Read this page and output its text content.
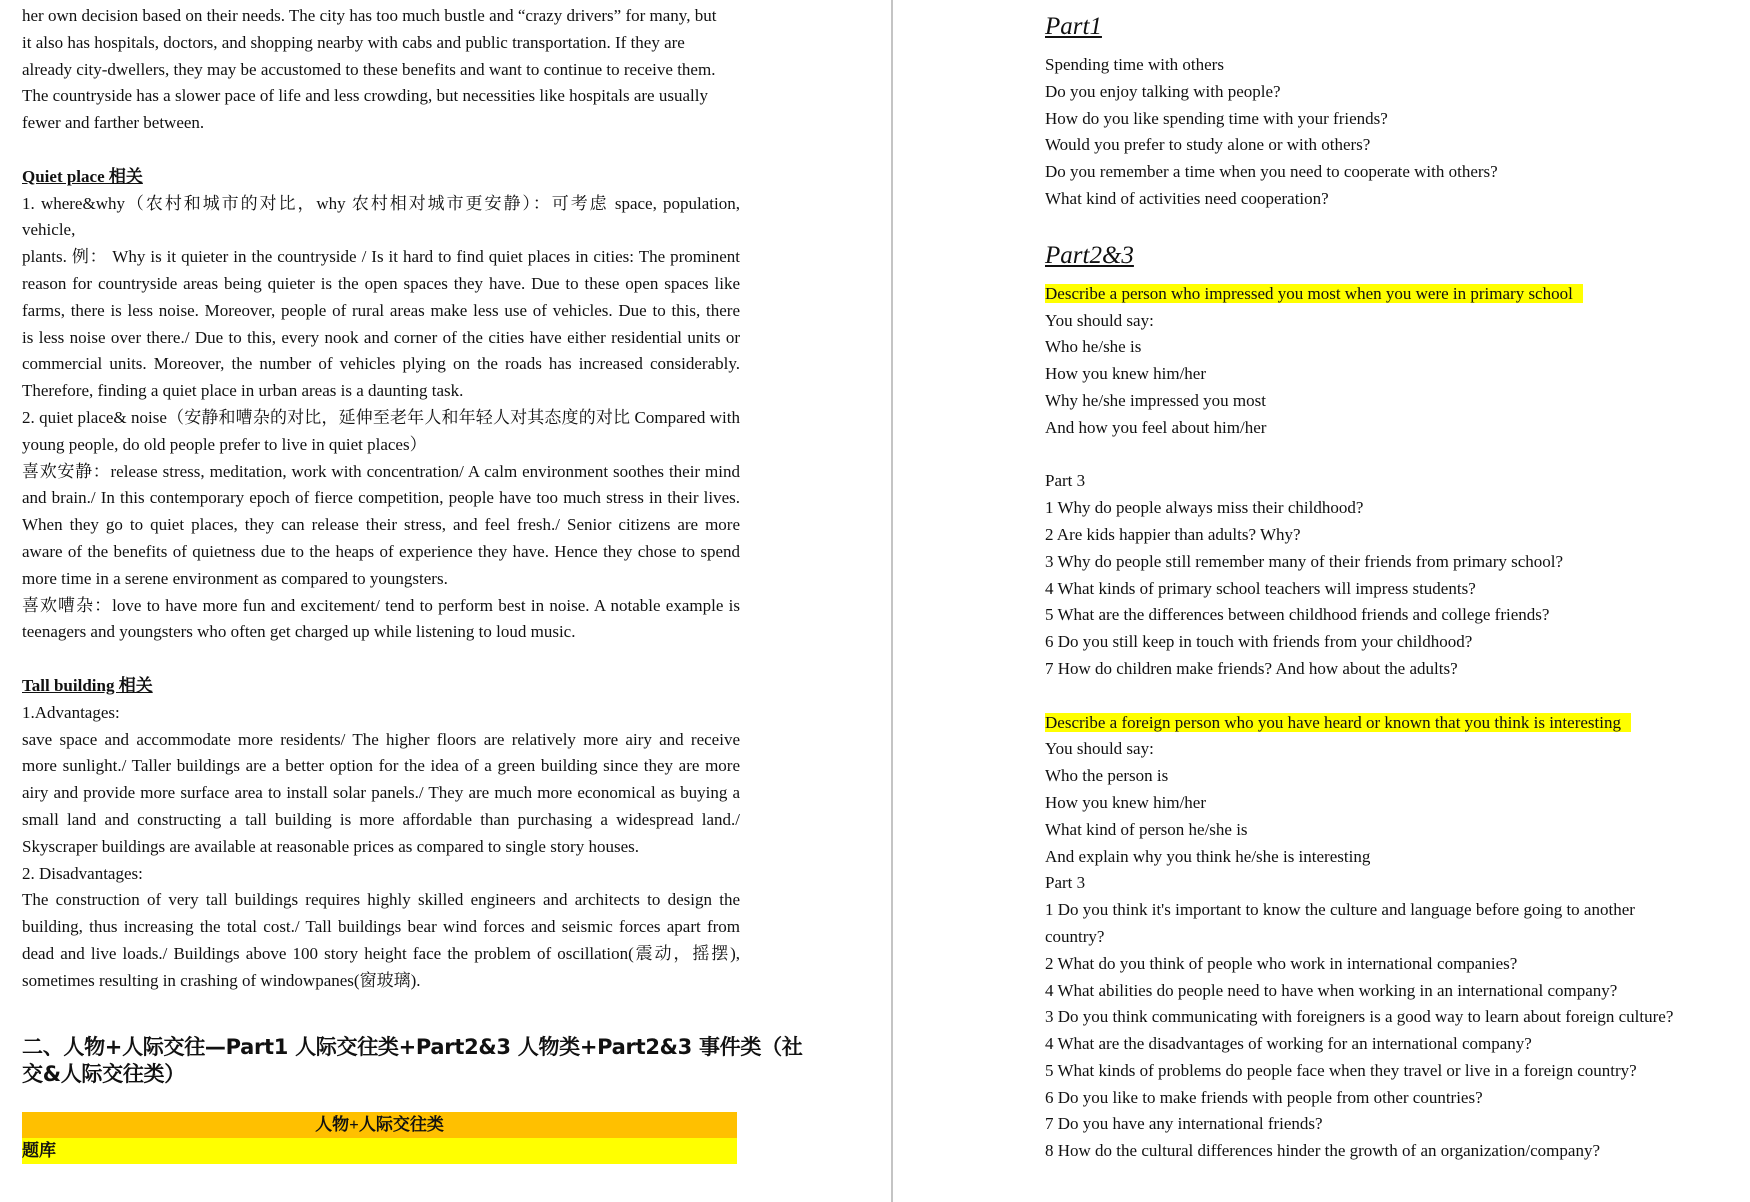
her own decision based on their needs. The city has too much bustle and “crazy drivers” for many, but
it also has hospitals, doctors, and shopping nearby with cabs and public transportation. If they are
already city-dwellers, they may be accustomed to these benefits and want to continue to receive them.
The countryside has a slower pace of life and less crowding, but necessities like hospitals are usually
fewer and farther between.
Quiet place 相关
1. where&why（农村和城市的对比，why 农村相对城市更安静）：可考虑 space, population, vehicle,
plants. 例： Why is it quieter in the countryside / Is it hard to find quiet places in cities: The prominent
reason for countryside areas being quieter is the open spaces they have. Due to these open spaces like
farms, there is less noise. Moreover, people of rural areas make less use of vehicles. Due to this, there
is less noise over there./ Due to this, every nook and corner of the cities have either residential units or
commercial units. Moreover, the number of vehicles plying on the roads has increased considerably.
Therefore, finding a quiet place in urban areas is a daunting task.
2. quiet place& noise（安静和嘈杂的对比，延伸至老年人和年轻人对其态度的对比 Compared with
young people, do old people prefer to live in quiet places）
喜欢安静：release stress, meditation, work with concentration/ A calm environment soothes their mind
and brain./ In this contemporary epoch of fierce competition, people have too much stress in their lives.
When they go to quiet places, they can release their stress, and feel fresh./ Senior citizens are more
aware of the benefits of quietness due to the heaps of experience they have. Hence they chose to spend
more time in a serene environment as compared to youngsters.
喜欢嘈杂：love to have more fun and excitement/ tend to perform best in noise. A notable example is
teenagers and youngsters who often get charged up while listening to loud music.
Tall building 相关
1.Advantages:
save space and accommodate more residents/ The higher floors are relatively more airy and receive
more sunlight./ Taller buildings are a better option for the idea of a green building since they are more
airy and provide more surface area to install solar panels./ They are much more economical as buying a
small land and constructing a tall building is more affordable than purchasing a widespread land./
Skyscraper buildings are available at reasonable prices as compared to single story houses.
2. Disadvantages:
The construction of very tall buildings requires highly skilled engineers and architects to design the
building, thus increasing the total cost./ Tall buildings bear wind forces and seismic forces apart from
dead and live loads./ Buildings above 100 story height face the problem of oscillation(震动，摇摆),
sometimes resulting in crashing of windowpanes(窗玻璃).
二、人物+人际交往—Part1 人际交往类+Part2&3 人物类+Part2&3 事件类（社
交&人际交往类）
人物+人际交往类
题库
Part1
Spending time with others
Do you enjoy talking with people?
How do you like spending time with your friends?
Would you prefer to study alone or with others?
Do you remember a time when you need to cooperate with others?
What kind of activities need cooperation?
Part2&3
Describe a person who impressed you most when you were in primary school
You should say:
Who he/she is
How you knew him/her
Why he/she impressed you most
And how you feel about him/her
Part 3
1 Why do people always miss their childhood?
2 Are kids happier than adults? Why?
3 Why do people still remember many of their friends from primary school?
4 What kinds of primary school teachers will impress students?
5 What are the differences between childhood friends and college friends?
6 Do you still keep in touch with friends from your childhood?
7 How do children make friends? And how about the adults?
Describe a foreign person who you have heard or known that you think is interesting
You should say:
Who the person is
How you knew him/her
What kind of person he/she is
And explain why you think he/she is interesting
Part 3
1 Do you think it's important to know the culture and language before going to another
country?
2 What do you think of people who work in international companies?
4 What abilities do people need to have when working in an international company?
3 Do you think communicating with foreigners is a good way to learn about foreign culture?
4 What are the disadvantages of working for an international company?
5 What kinds of problems do people face when they travel or live in a foreign country?
6 Do you like to make friends with people from other countries?
7 Do you have any international friends?
8 How do the cultural differences hinder the growth of an organization/company?
